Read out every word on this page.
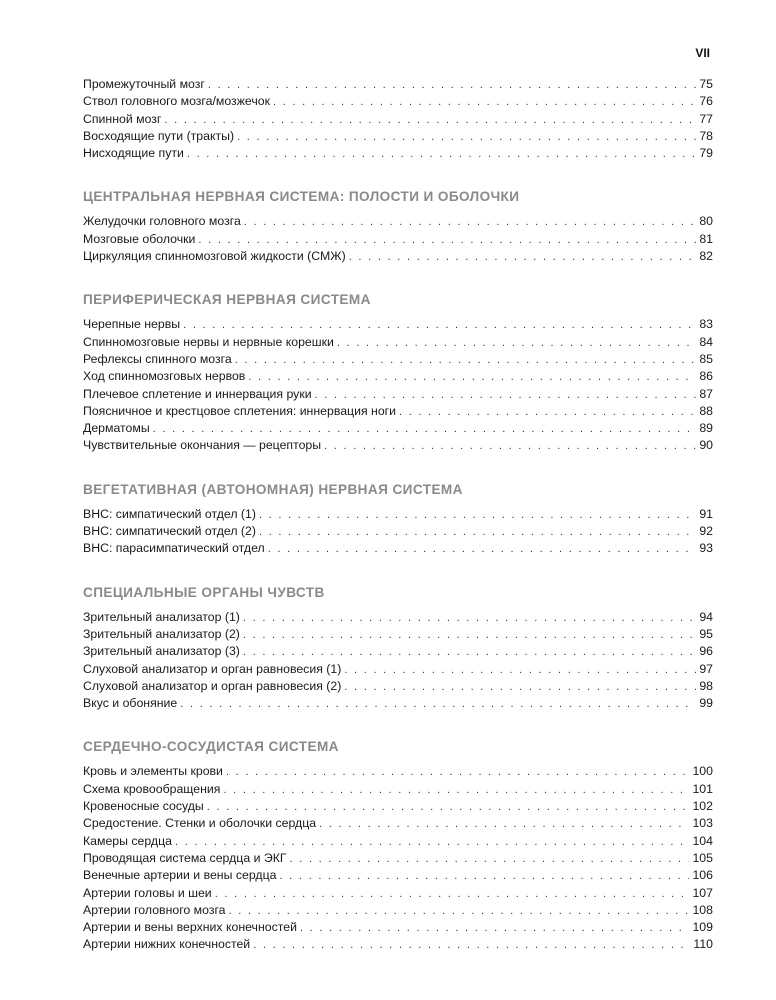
VII
Промежуточный мозг . . .	75
Ствол головного мозга/мозжечок . . .	76
Спинной мозг . . .	77
Восходящие пути (тракты) . . .	78
Нисходящие пути . . .	79
ЦЕНТРАЛЬНАЯ НЕРВНАЯ СИСТЕМА: ПОЛОСТИ И ОБОЛОЧКИ
Желудочки головного мозга . . .	80
Мозговые оболочки . . .	81
Циркуляция спинномозговой жидкости (СМЖ) . . .	82
ПЕРИФЕРИЧЕСКАЯ НЕРВНАЯ СИСТЕМА
Черепные нервы . . .	83
Спинномозговые нервы и нервные корешки . . .	84
Рефлексы спинного мозга . . .	85
Ход спинномозговых нервов . . .	86
Плечевое сплетение и иннервация руки . . .	87
Поясничное и крестцовое сплетения: иннервация ноги . . .	88
Дерматомы . . .	89
Чувствительные окончания — рецепторы . . .	90
ВЕГЕТАТИВНАЯ (АВТОНОМНАЯ) НЕРВНАЯ СИСТЕМА
ВНС: симпатический отдел (1) . . .	91
ВНС: симпатический отдел (2) . . .	92
ВНС: парасимпатический отдел . . .	93
СПЕЦИАЛЬНЫЕ ОРГАНЫ ЧУВСТВ
Зрительный анализатор (1) . . .	94
Зрительный анализатор (2) . . .	95
Зрительный анализатор (3) . . .	96
Слуховой анализатор и орган равновесия (1) . . .	97
Слуховой анализатор и орган равновесия (2) . . .	98
Вкус и обоняние . . .	99
СЕРДЕЧНО-СОСУДИСТАЯ СИСТЕМА
Кровь и элементы крови . . .	100
Схема кровообращения . . .	101
Кровеносные сосуды . . .	102
Средостение. Стенки и оболочки сердца . . .	103
Камеры сердца . . .	104
Проводящая система сердца и ЭКГ . . .	105
Венечные артерии и вены сердца . . .	106
Артерии головы и шеи . . .	107
Артерии головного мозга . . .	108
Артерии и вены верхних конечностей . . .	109
Артерии нижних конечностей . . .	110
